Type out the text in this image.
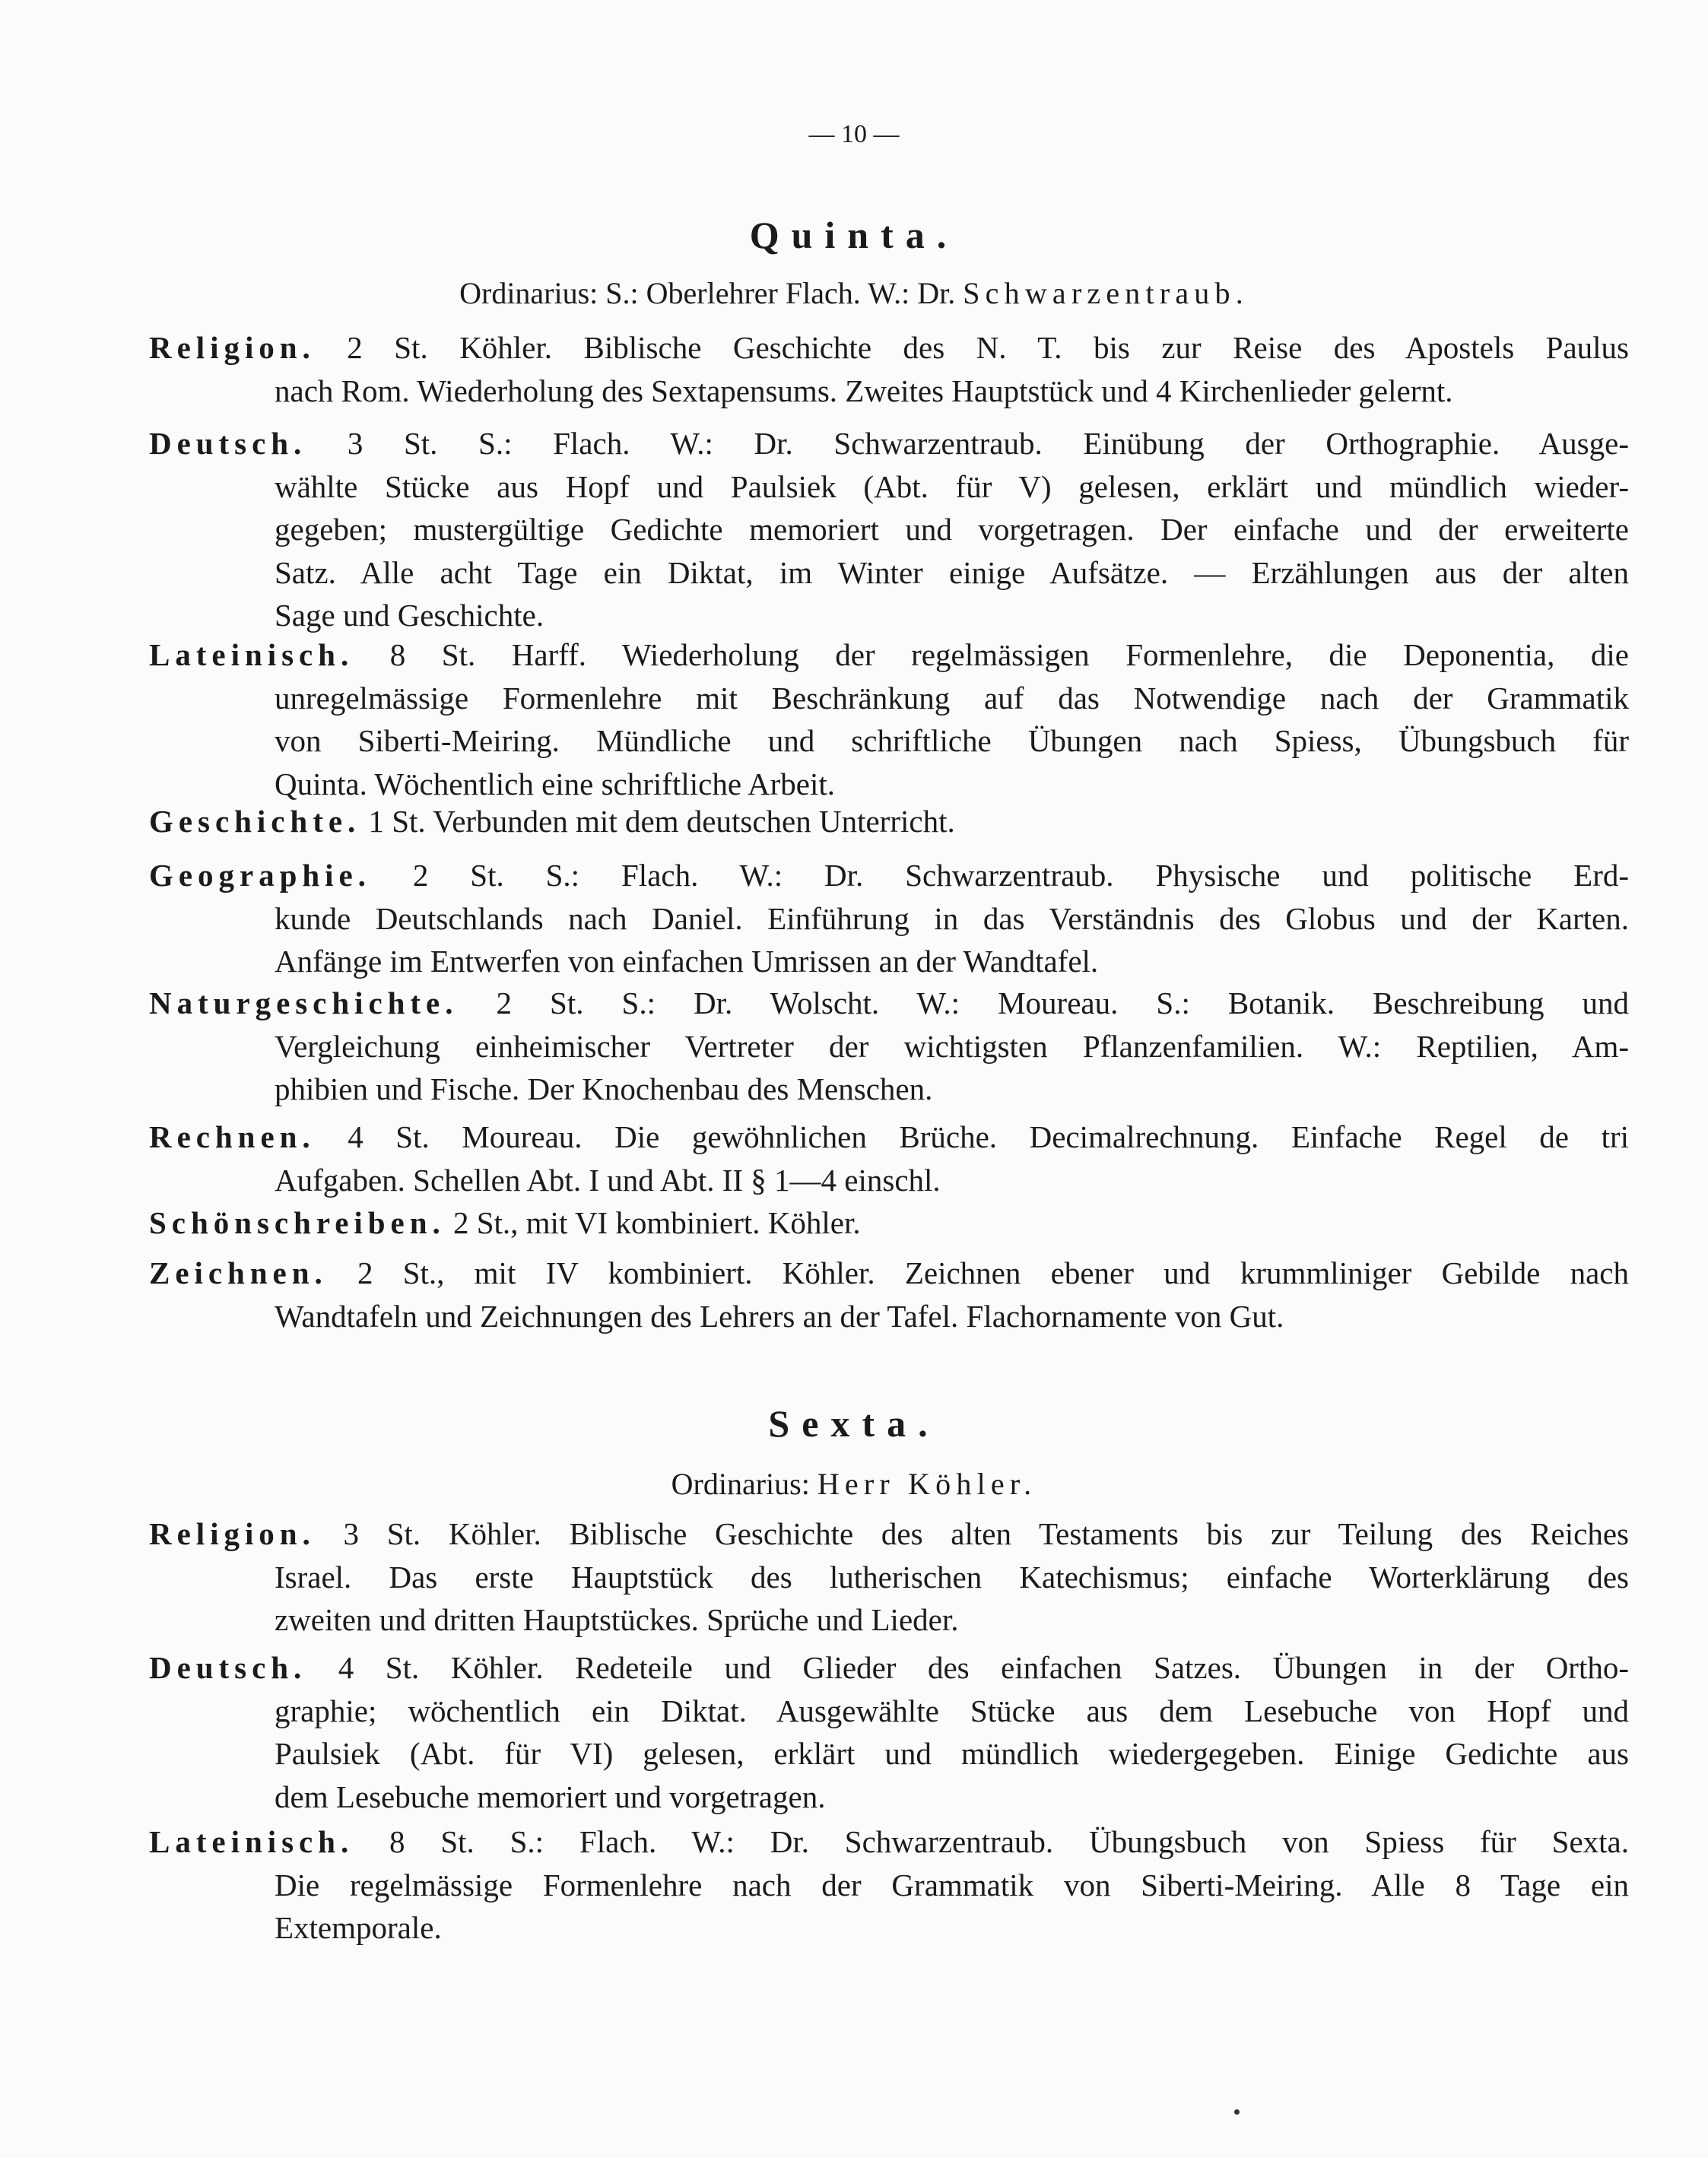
— 10 —
Quinta.
Ordinarius: S.: Oberlehrer Flach. W.: Dr. Schwarzentraub.
Religion. 2 St. Köhler. Biblische Geschichte des N. T. bis zur Reise des Apostels Paulus
nach Rom. Wiederholung des Sextapensums. Zweites Hauptstück und 4 Kirchenlieder gelernt.
Deutsch. 3 St. S.: Flach. W.: Dr. Schwarzentraub. Einübung der Orthographie. Ausge-
wählte Stücke aus Hopf und Paulsiek (Abt. für V) gelesen, erklärt und mündlich wieder-
gegeben; mustergültige Gedichte memoriert und vorgetragen. Der einfache und der erweiterte
Satz. Alle acht Tage ein Diktat, im Winter einige Aufsätze. — Erzählungen aus der alten
Sage und Geschichte.
Lateinisch. 8 St. Harff. Wiederholung der regelmässigen Formenlehre, die Deponentia, die
unregelmässige Formenlehre mit Beschränkung auf das Notwendige nach der Grammatik
von Siberti-Meiring. Mündliche und schriftliche Übungen nach Spiess, Übungsbuch für
Quinta. Wöchentlich eine schriftliche Arbeit.
Geschichte. 1 St. Verbunden mit dem deutschen Unterricht.
Geographie. 2 St. S.: Flach. W.: Dr. Schwarzentraub. Physische und politische Erd-
kunde Deutschlands nach Daniel. Einführung in das Verständnis des Globus und der Karten.
Anfänge im Entwerfen von einfachen Umrissen an der Wandtafel.
Naturgeschichte. 2 St. S.: Dr. Wolscht. W.: Moureau. S.: Botanik. Beschreibung und
Vergleichung einheimischer Vertreter der wichtigsten Pflanzenfamilien. W.: Reptilien, Am-
phibien und Fische. Der Knochenbau des Menschen.
Rechnen. 4 St. Moureau. Die gewöhnlichen Brüche. Decimalrechnung. Einfache Regel de tri
Aufgaben. Schellen Abt. I und Abt. II § 1—4 einschl.
Schönschreiben. 2 St., mit VI kombiniert. Köhler.
Zeichnen. 2 St., mit IV kombiniert. Köhler. Zeichnen ebener und krummliniger Gebilde nach
Wandtafeln und Zeichnungen des Lehrers an der Tafel. Flachornamente von Gut.
Sexta.
Ordinarius: Herr Köhler.
Religion. 3 St. Köhler. Biblische Geschichte des alten Testaments bis zur Teilung des Reiches
Israel. Das erste Hauptstück des lutherischen Katechismus; einfache Worterklärung des
zweiten und dritten Hauptstückes. Sprüche und Lieder.
Deutsch. 4 St. Köhler. Redeteile und Glieder des einfachen Satzes. Übungen in der Ortho-
graphie; wöchentlich ein Diktat. Ausgewählte Stücke aus dem Lesebuche von Hopf und
Paulsiek (Abt. für VI) gelesen, erklärt und mündlich wiedergegeben. Einige Gedichte aus
dem Lesebuche memoriert und vorgetragen.
Lateinisch. 8 St. S.: Flach. W.: Dr. Schwarzentraub. Übungsbuch von Spiess für Sexta.
Die regelmässige Formenlehre nach der Grammatik von Siberti-Meiring. Alle 8 Tage ein
Extemporale.
